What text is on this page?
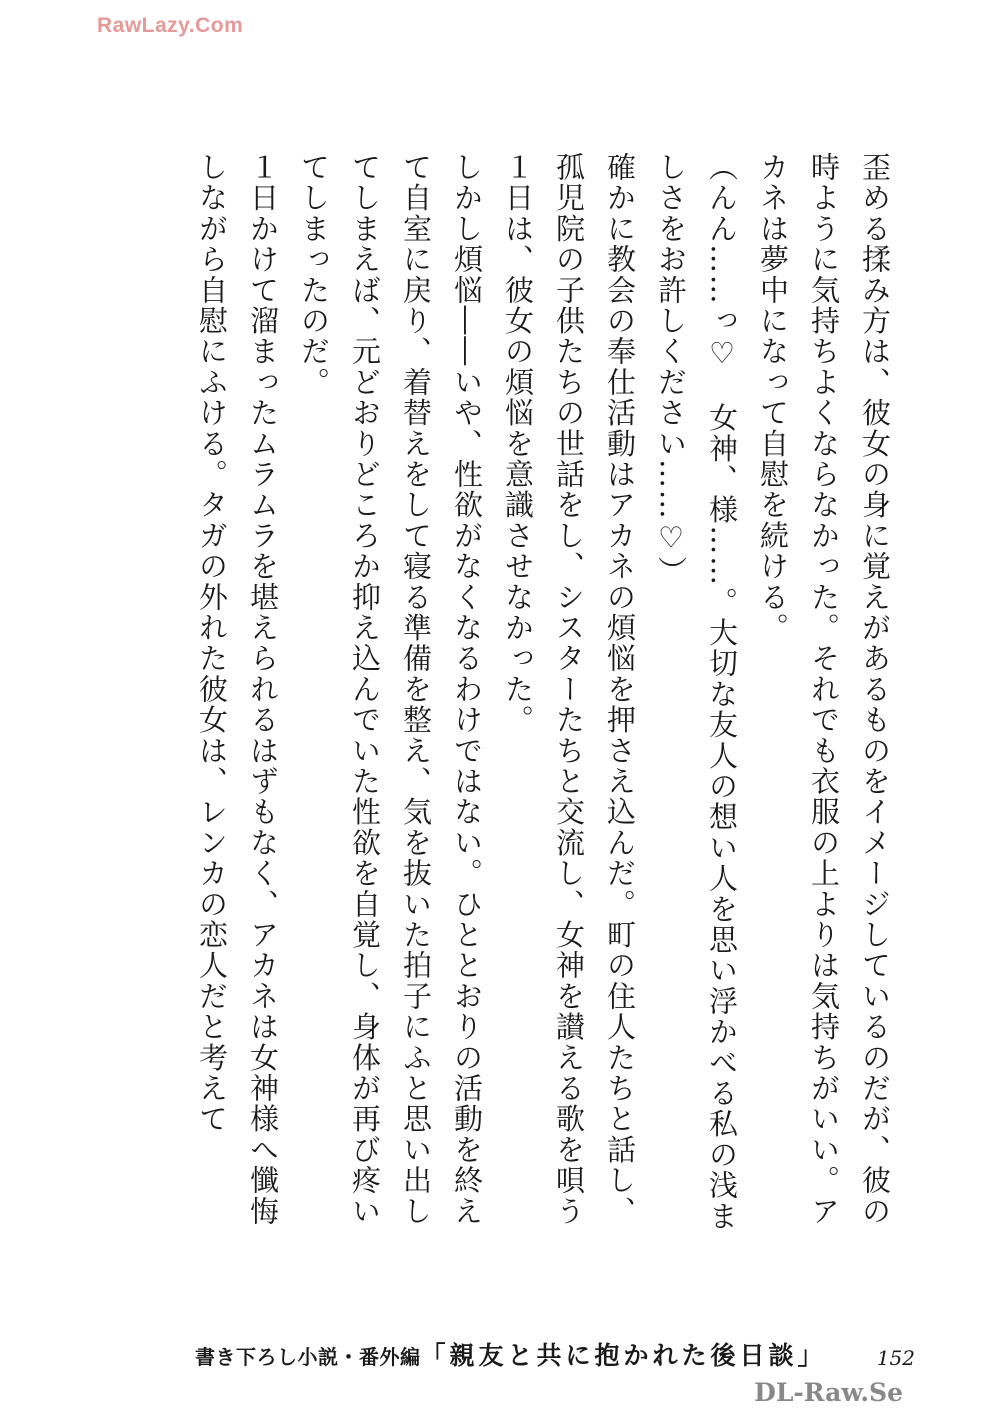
RawLazy.Com

歪める揉み方は、彼女の身に覚えがあるものをイメージしているのだが、彼の時ように気持ちよくならなかった。それでも衣服の上よりは気持ちがいい。アカネは夢中になって自慰を続ける。

（んん……っ♡　女神、様……。大切な友人の想い人を思い浮かべる私の浅ましさをお許しください……♡）

確かに教会の奉仕活動はアカネの煩悩を押さえ込んだ。町の住人たちと話し、孤児院の子供たちの世話をし、シスターたちと交流し、女神を讃える歌を唄う１日は、彼女の煩悩を意識させなかった。

しかし煩悩――いや、性欲がなくなるわけではない。ひととおりの活動を終えて自室に戻り、着替えをして寝る準備を整え、気を抜いた拍子にふと思い出してしまえば、元どおりどころか抑え込んでいた性欲を自覚し、身体が再び疼いてしまったのだ。

１日かけて溜まったムラムラを堪えられるはずもなく、アカネは女神様へ懺悔しながら自慰にふける。タガの外れた彼女は、レンカの恋人だと考えて

書き下ろし小説・番外編「親友と共に抱かれた後日談」	152
DL-Raw.Se
